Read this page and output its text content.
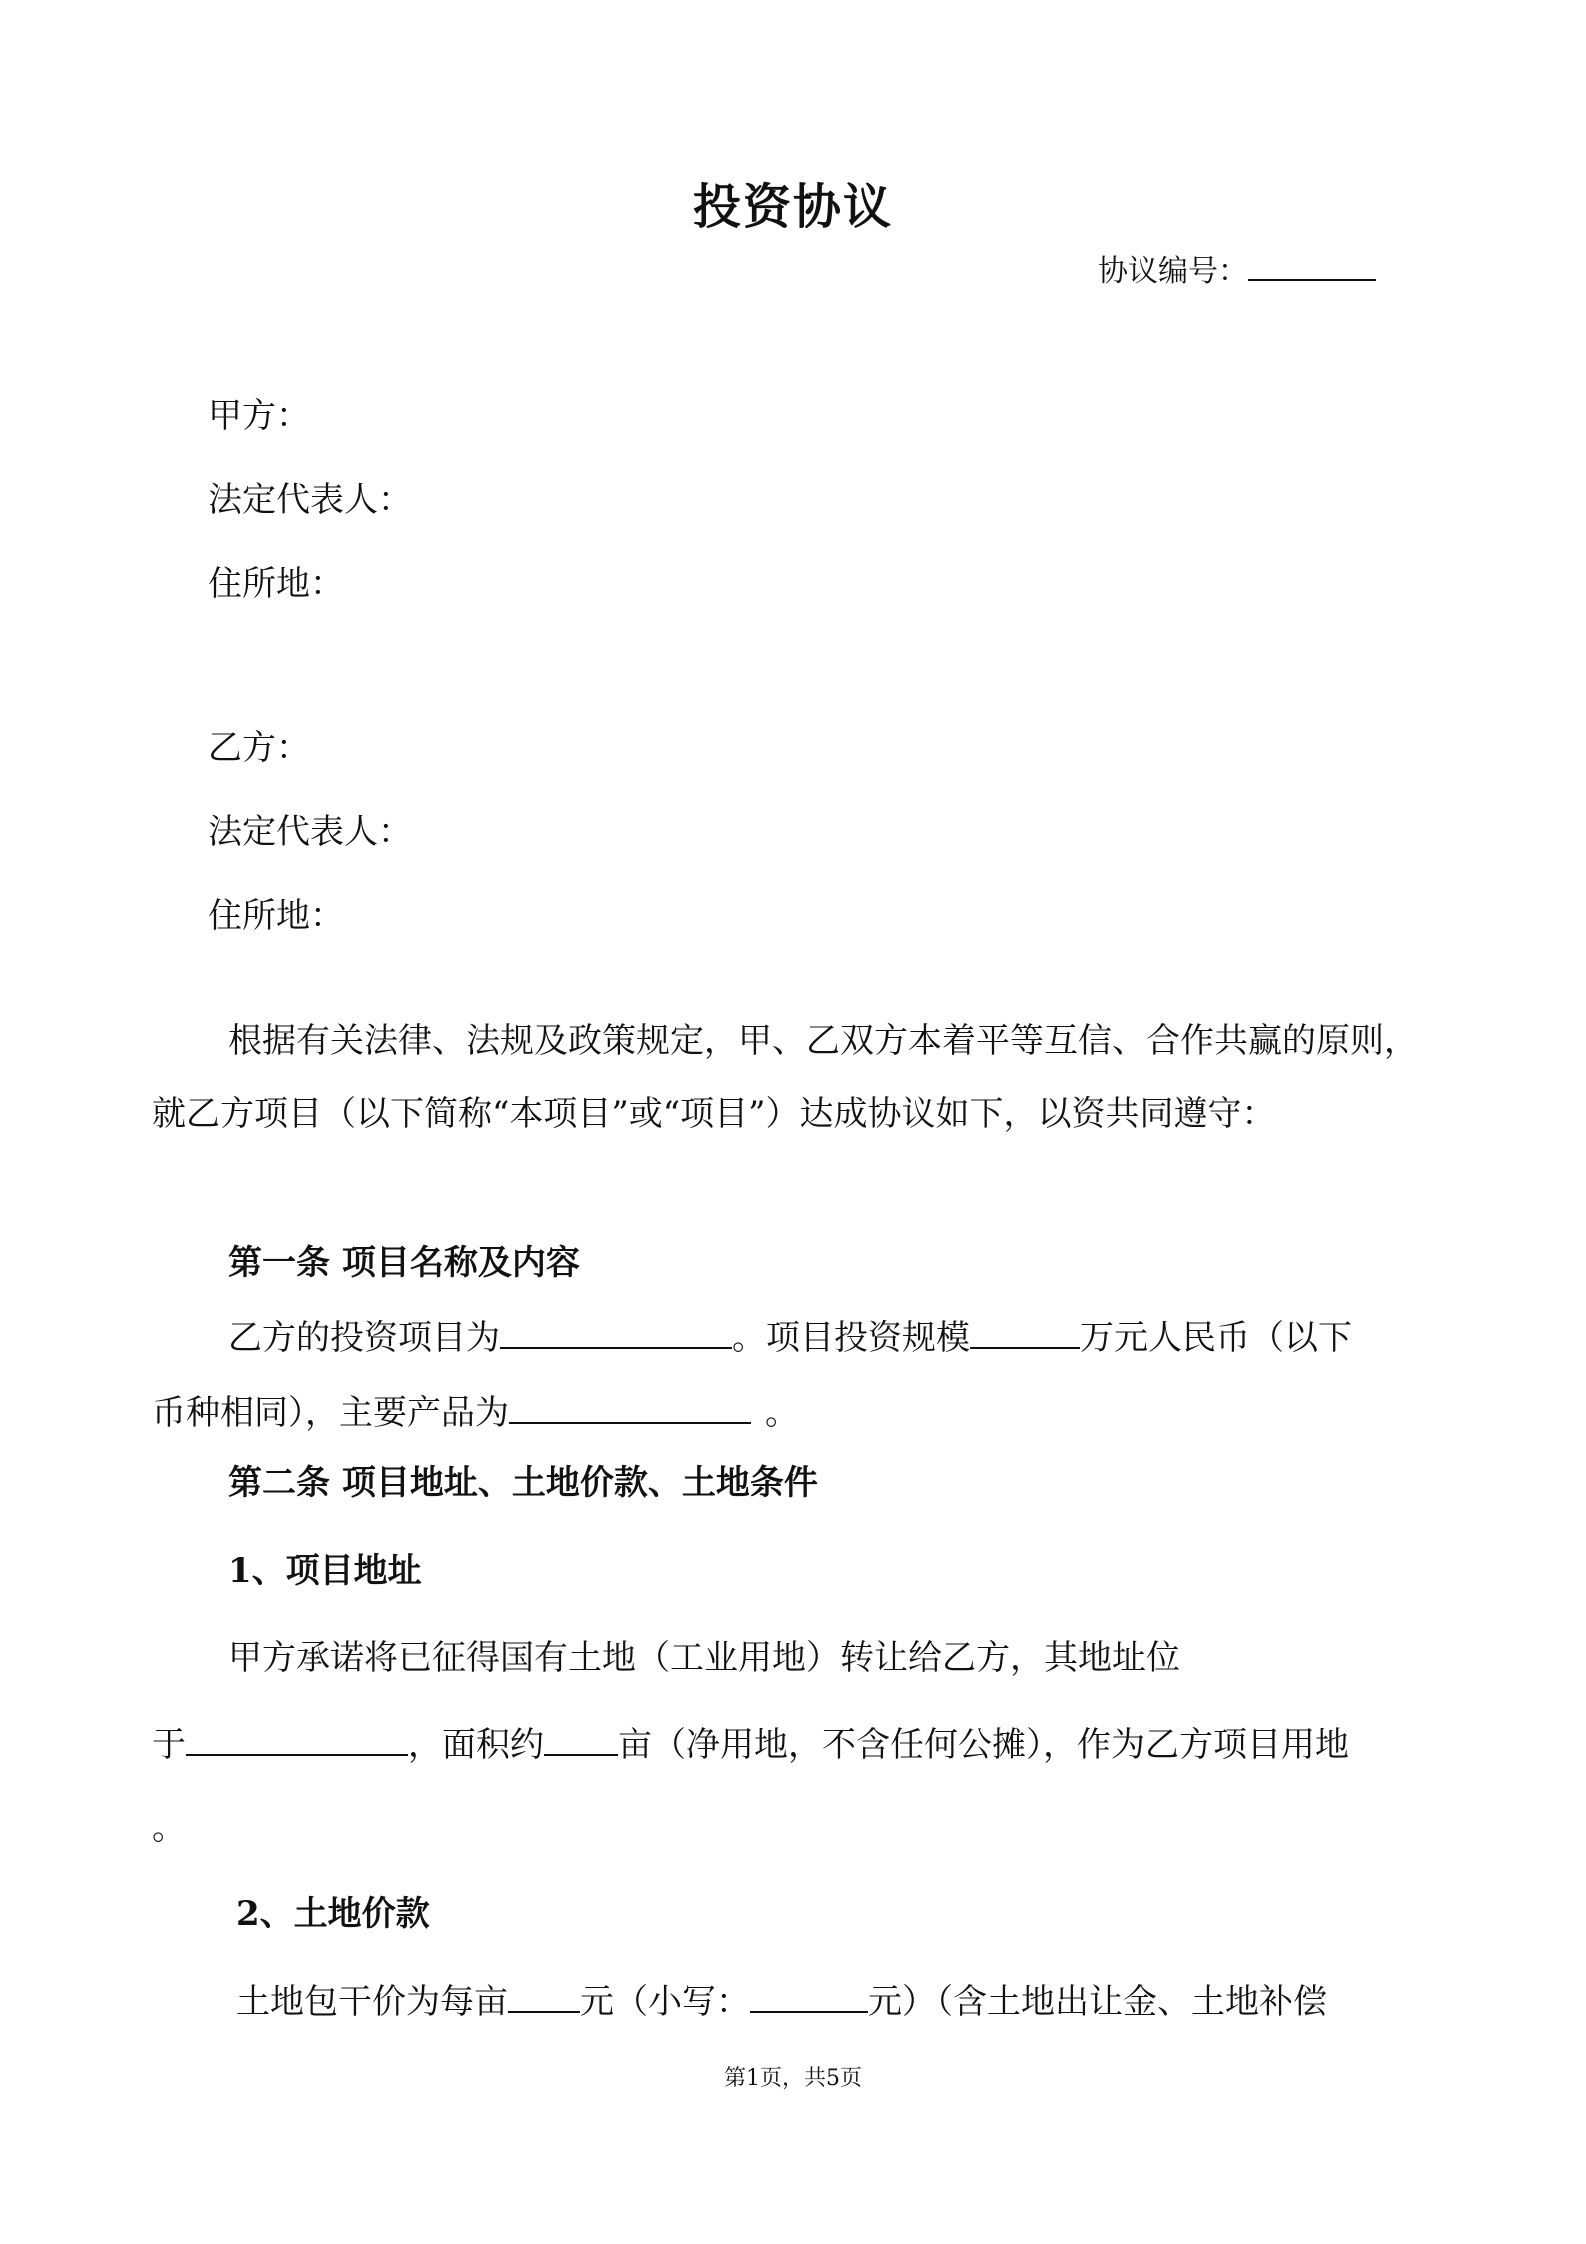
投资协议
协议编号：
甲方：
法定代表人：
住所地：
乙方：
法定代表人：
住所地：
根据有关法律、法规及政策规定，甲、乙双方本着平等互信、合作共赢的原则，就乙方项目（以下简称“本项目”或“项目”）达成协议如下，以资共同遵守：
第一条 项目名称及内容
乙方的投资项目为	。项目投资规模	万元人民币（以下
币种相同），主要产品为	。
第二条 项目地址、土地价款、土地条件
1、项目地址
甲方承诺将已征得国有土地（工业用地）转让给乙方，其地址位
于	，面积约 亩（净用地，不含任何公摊），作为乙方项目用地
。
2、土地价款
土地包干价为每亩 元（小写：	元）（含土地出让金、土地补偿
第1页，共5页
